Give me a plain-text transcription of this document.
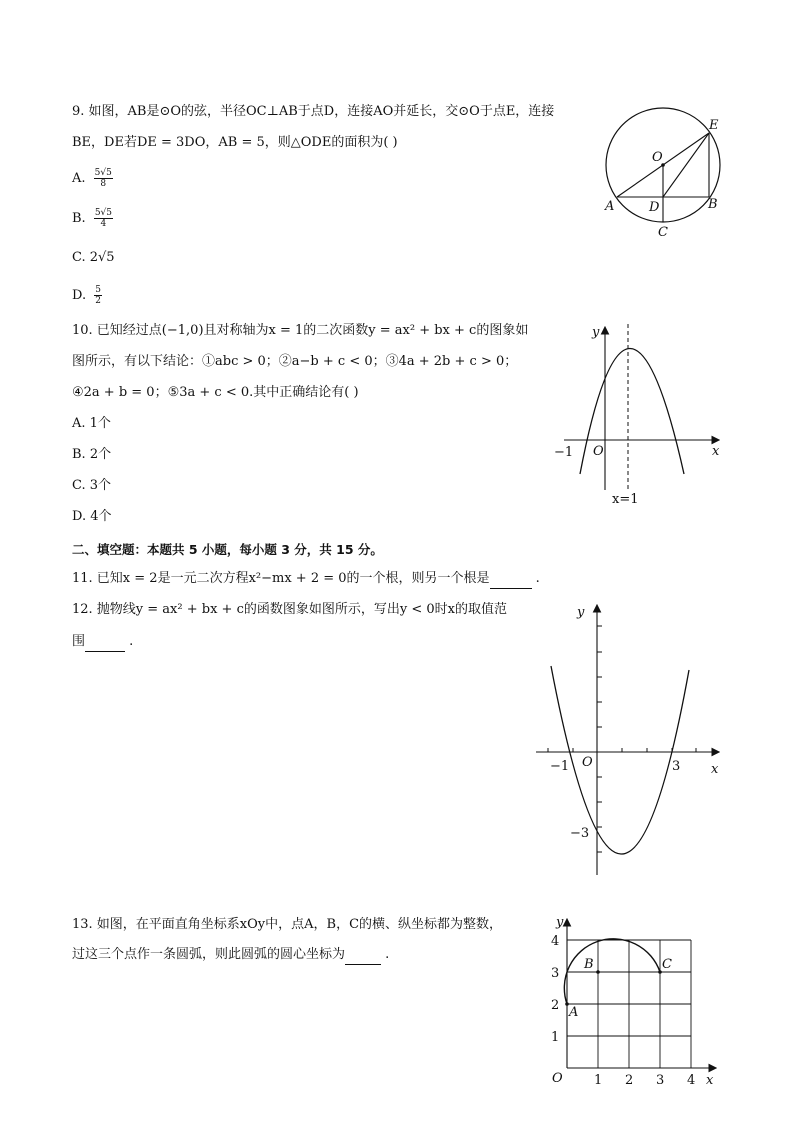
9. 如图，AB是⊙O的弦，半径OC⊥AB于点D，连接AO并延长，交⊙O于点E，连接
BE，DE若DE = 3DO，AB = 5，则△ODE的面积为( )
A. $\frac{5√5}{8}$
B. $\frac{5√5}{4}$
C. 2√5
D. $\frac{5}{2}$
E
O
A	D	B
C
10. 已知经过点(−1,0)且对称轴为x = 1的二次函数y = ax² + bx + c的图象如
图所示，有以下结论：①abc > 0；②a−b + c < 0；③4a + 2b + c > 0；
④2a + b = 0；⑤3a + c < 0.其中正确结论有( )
A. 1个
B. 2个
C. 3个
D. 4个
y
x
O
−1
x=1
二、填空题：本题共 5 小题，每小题 3 分，共 15 分。
11. 已知x = 2是一元二次方程x²−mx + 2 = 0的一个根，则另一个根是	.
12. 抛物线y = ax² + bx + c的函数图象如图所示，写出y < 0时x的取值范
围	.
y
x
O
−1	3
−3
13. 如图，在平面直角坐标系xOy中，点A，B，C的横、纵坐标都为整数，
过这三个点作一条圆弧，则此圆弧的圆心坐标为	.
y
x
O
A
B	C
1 2 3 4
1
2
3
4
